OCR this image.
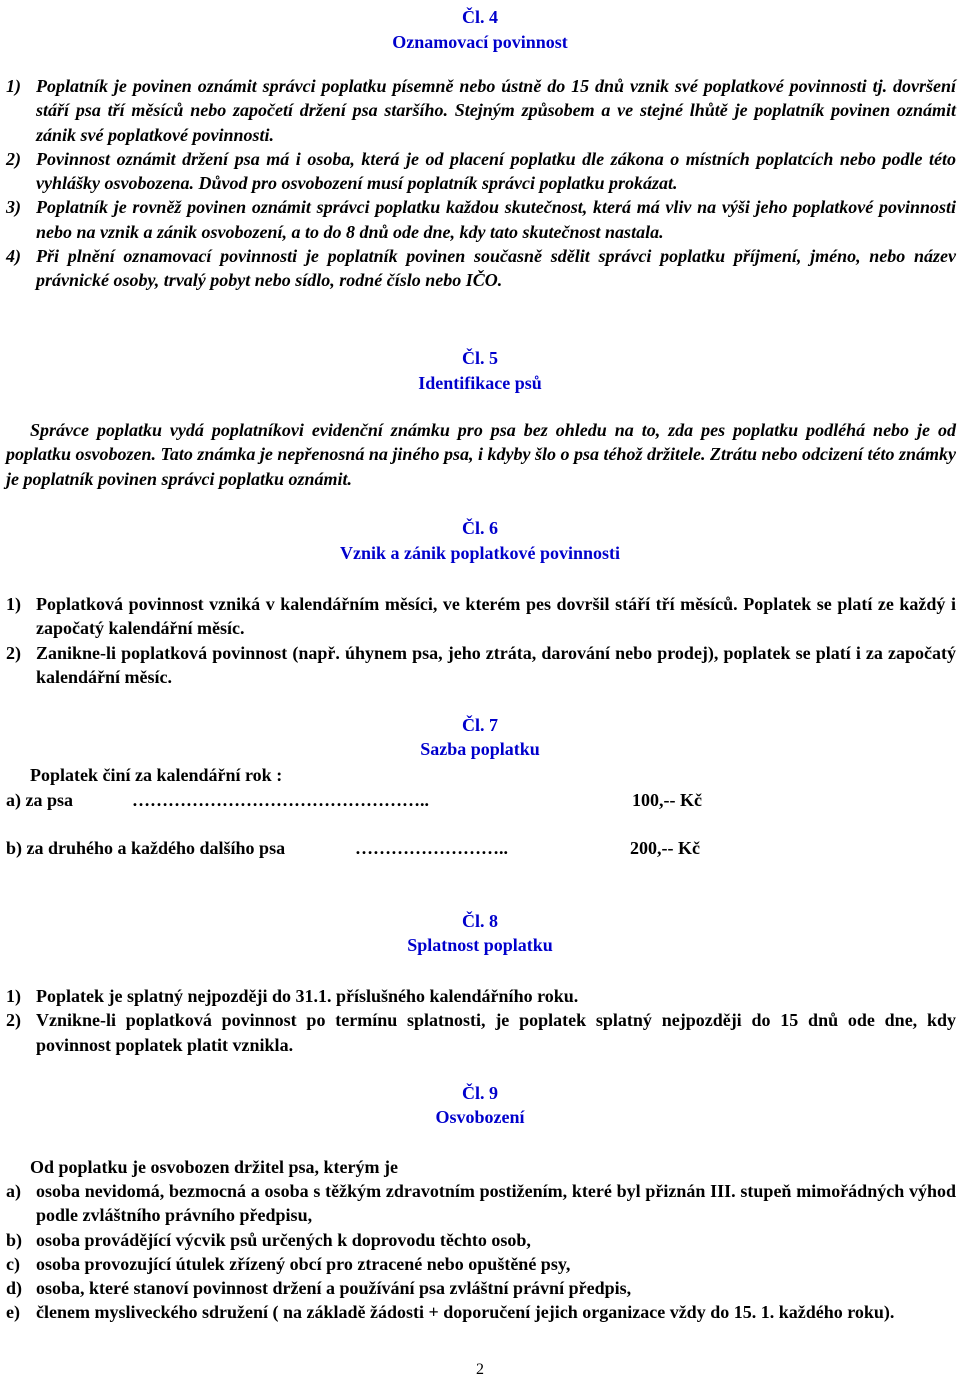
Čl. 4
Oznamovací povinnost
1) Poplatník je povinen oznámit správci poplatku písemně nebo ústně do 15 dnů vznik své poplatkové povinnosti tj. dovršení stáří psa tří měsíců nebo započetí držení psa staršího. Stejným způsobem a ve stejné lhůtě je poplatník povinen oznámit zánik své poplatkové povinnosti.
2) Povinnost oznámit držení psa má i osoba, která je od placení poplatku dle zákona o místních poplatcích nebo podle této vyhlášky osvobozena. Důvod pro osvobození musí poplatník správci poplatku prokázat.
3) Poplatník je rovněž povinen oznámit správci poplatku každou skutečnost, která má vliv na výši jeho poplatkové povinnosti nebo na vznik a zánik osvobození, a to do 8 dnů ode dne, kdy tato skutečnost nastala.
4) Při plnění oznamovací povinnosti je poplatník povinen současně sdělit správci poplatku příjmení, jméno, nebo název právnické osoby, trvalý pobyt nebo sídlo, rodné číslo nebo IČO.
Čl. 5
Identifikace psů
Správce poplatku vydá poplatníkovi evidenční známku pro psa bez ohledu na to, zda pes poplatku podléhá nebo je od poplatku osvobozen. Tato známka je nepřenosná na jiného psa, i kdyby šlo o psa téhož držitele. Ztrátu nebo odcizení této známky je poplatník povinen správci poplatku oznámit.
Čl. 6
Vznik a zánik poplatkové povinnosti
1) Poplatková povinnost vzniká v kalendářním měsíci, ve kterém pes dovršil stáří tří měsíců. Poplatek se platí ze každý i započatý kalendářní měsíc.
2) Zanikne-li poplatková povinnost (např. úhynem psa, jeho ztráta, darování nebo prodej), poplatek se platí i za započatý kalendářní měsíc.
Čl. 7
Sazba poplatku
Poplatek činí za kalendářní rok :
a) za psa	…………………………………………..	100,-- Kč
b) za druhého a každého dalšího psa	……………………..	200,-- Kč
Čl. 8
Splatnost poplatku
1) Poplatek je splatný nejpozději do 31.1. příslušného kalendářního roku.
2) Vznikne-li poplatková povinnost po termínu splatnosti, je poplatek splatný nejpozději do 15 dnů ode dne, kdy povinnost poplatek platit vznikla.
Čl. 9
Osvobození
Od poplatku je osvobozen držitel psa, kterým je
a) osoba nevidomá, bezmocná a osoba s těžkým zdravotním postižením, které byl přiznán III. stupeň mimořádných výhod podle zvláštního právního předpisu,
b) osoba provádějící výcvik psů určených k doprovodu těchto osob,
c) osoba provozující útulek zřízený obcí pro ztracené nebo opuštěné psy,
d) osoba, které stanoví povinnost držení a používání psa zvláštní právní předpis,
e) členem mysliveckého sdružení ( na základě žádosti + doporučení jejich organizace vždy do 15. 1. každého roku).
2
